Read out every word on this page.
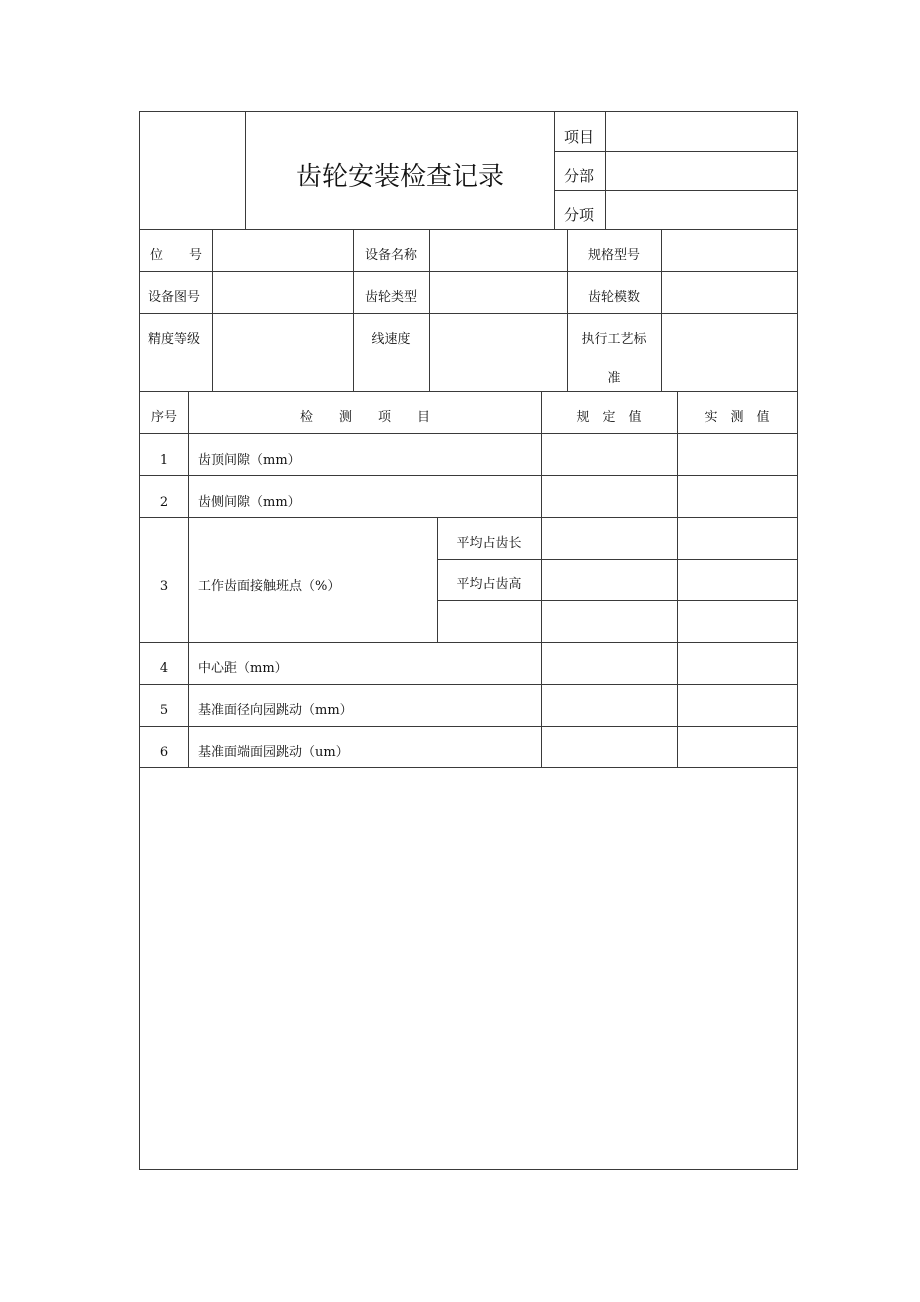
齿轮安装检查记录
项目
分部
分项
位　　号	设备名称	规格型号
设备图号	齿轮类型	齿轮模数
精度等级	线速度	执行工艺标
准
序号	检　　测　　项　　目	规　定　值	实　测　值
1 齿顶间隙（mm）
2 齿侧间隙（mm）
3 工作齿面接触班点（%）
平均占齿长
平均占齿高
4 中心距（mm）
5 基准面径向园跳动（mm）
6 基准面端面园跳动（um）
